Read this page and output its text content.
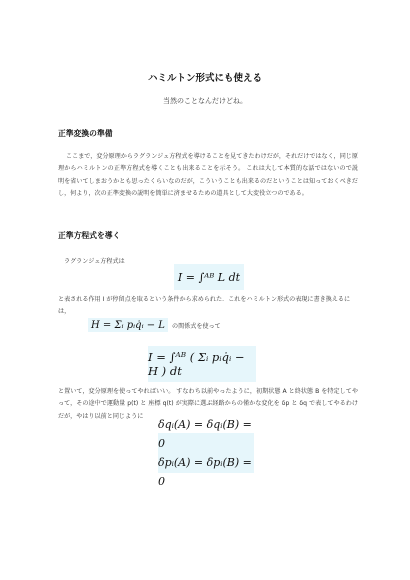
ハミルトン形式にも使える
当然のことなんだけどね。
正準変換の準備
ここまで，変分原理からラグランジュ方程式を導けることを見てきたわけだが，それだけではなく，同じ原理からハミルトンの正準方程式を導くことも出来ることを示そう。 これは大して本質的な話ではないので説明を省いてしまおうかとも思ったくらいなのだが，こういうことも出来るのだということは知っておくべきだし，何より，次の正準変換の説明を簡単に済ませるための道具として大変役立つのである。
正準方程式を導く
ラグランジュ方程式は
I = ∫ᴬᴮ L dt
と表される作用 I が停留点を取るという条件から求められた．これをハミルトン形式の表現に書き換えるには，
H = Σᵢ pᵢq̇ᵢ − L の関係式を使って
I = ∫ᴬᴮ ( Σᵢ pᵢq̇ᵢ − H ) dt
と置いて，変分原理を使ってやればいい。 すなわち以前やったように，初期状態 A と終状態 B を特定してやって，その途中で運動量 p(t) と 座標 q(t) が実際に選ぶ経路からの僅かな変化を δp と δq で表してやるわけだが，やはり以前と同じように
δqᵢ(A) = δqᵢ(B) = 0
δpᵢ(A) = δpᵢ(B) = 0
